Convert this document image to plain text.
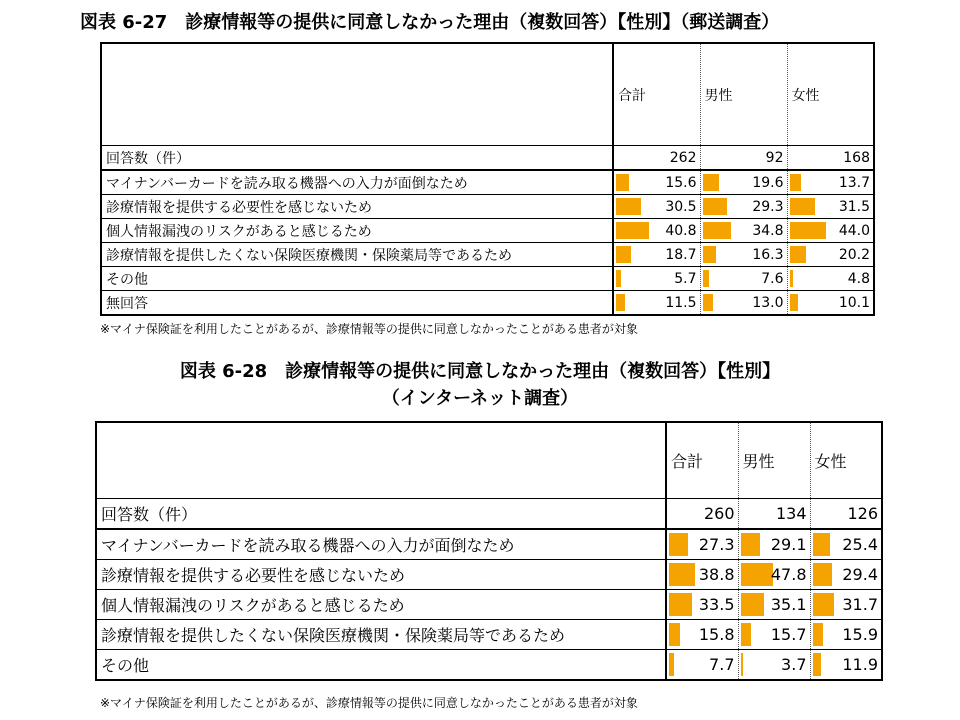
図表 6-27　診療情報等の提供に同意しなかった理由（複数回答）【性別】（郵送調査）
	合計	男性	女性
回答数（件）	262	92	168
マイナンバーカードを読み取る機器への入力が面倒なため	15.6	19.6	13.7
診療情報を提供する必要性を感じないため	30.5	29.3	31.5
個人情報漏洩のリスクがあると感じるため	40.8	34.8	44.0
診療情報を提供したくない保険医療機関・保険薬局等であるため	18.7	16.3	20.2
その他	5.7	7.6	4.8
無回答	11.5	13.0	10.1
※マイナ保険証を利用したことがあるが、診療情報等の提供に同意しなかったことがある患者が対象
図表 6-28　診療情報等の提供に同意しなかった理由（複数回答）【性別】
（インターネット調査）
	合計	男性	女性
回答数（件）	260	134	126
マイナンバーカードを読み取る機器への入力が面倒なため	27.3	29.1	25.4
診療情報を提供する必要性を感じないため	38.8	47.8	29.4
個人情報漏洩のリスクがあると感じるため	33.5	35.1	31.7
診療情報を提供したくない保険医療機関・保険薬局等であるため	15.8	15.7	15.9
その他	7.7	3.7	11.9
※マイナ保険証を利用したことがあるが、診療情報等の提供に同意しなかったことがある患者が対象
